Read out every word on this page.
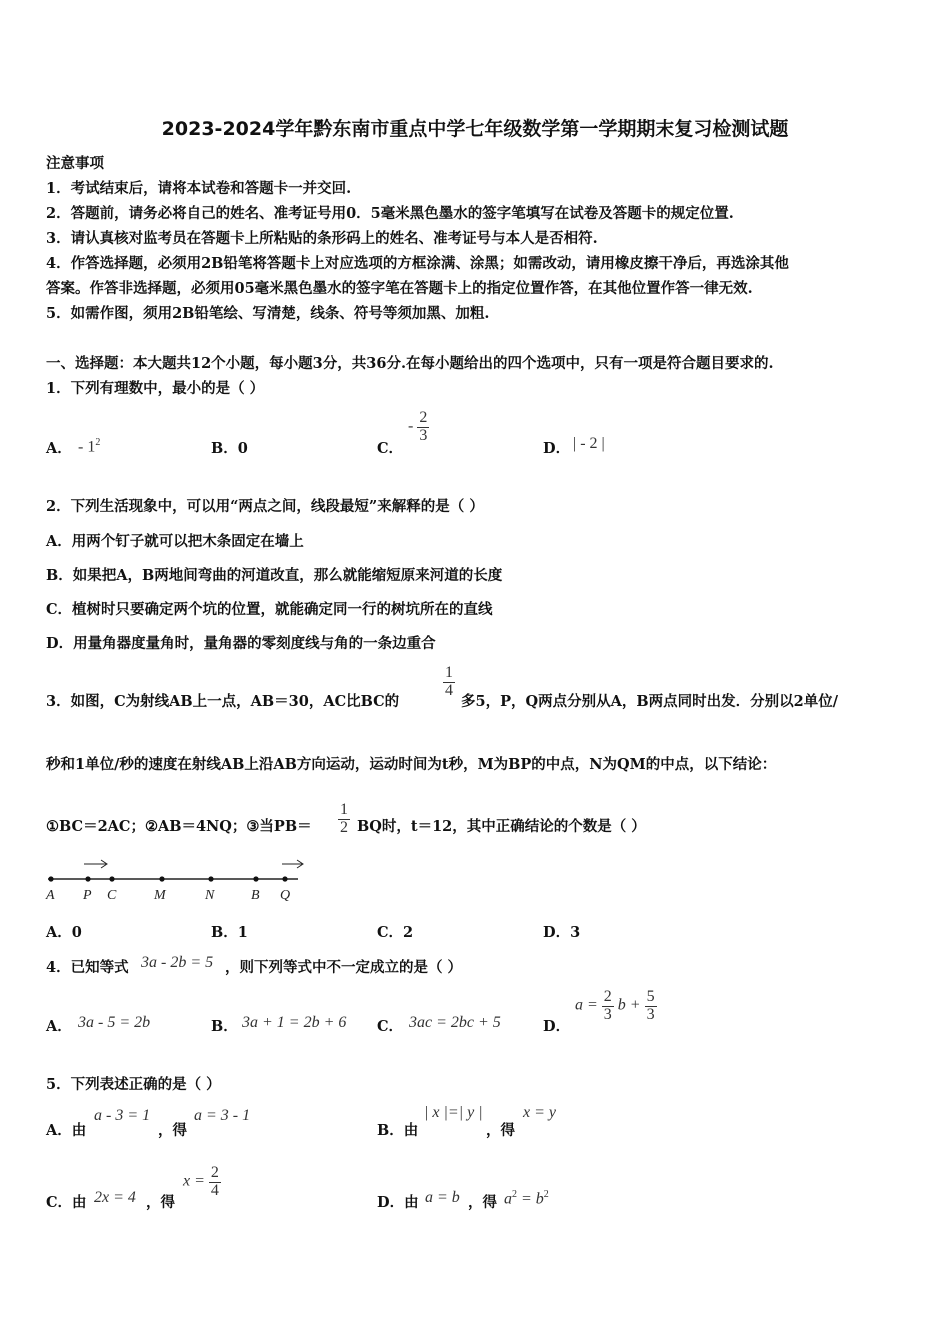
2023-2024学年黔东南市重点中学七年级数学第一学期期末复习检测试题
注意事项
1．考试结束后，请将本试卷和答题卡一并交回.
2．答题前，请务必将自己的姓名、准考证号用0．5毫米黑色墨水的签字笔填写在试卷及答题卡的规定位置.
3．请认真核对监考员在答题卡上所粘贴的条形码上的姓名、准考证号与本人是否相符.
4．作答选择题，必须用2B铅笔将答题卡上对应选项的方框涂满、涂黑；如需改动，请用橡皮擦干净后，再选涂其他
答案。作答非选择题，必须用05毫米黑色墨水的签字笔在答题卡上的指定位置作答，在其他位置作答一律无效.
5．如需作图，须用2B铅笔绘、写清楚，线条、符号等须加黑、加粗.
一、选择题：本大题共12个小题，每小题3分，共36分.在每小题给出的四个选项中，只有一项是符合题目要求的.
1．下列有理数中，最小的是（ ）
A． - $1^2$	B．0	C．
- $\frac{2}{3}$
D． | - 2 |
2．下列生活现象中，可以用“两点之间，线段最短”来解释的是（ ）
A．用两个钉子就可以把木条固定在墙上
B．如果把A，B两地间弯曲的河道改直，那么就能缩短原来河道的长度
C．植树时只要确定两个坑的位置，就能确定同一行的树坑所在的直线
D．用量角器度量角时，量角器的零刻度线与角的一条边重合
3．如图，C为射线AB上一点，AB＝30，AC比BC的
$\frac{1}{4}$
多5，P，Q两点分别从A，B两点同时出发．分别以2单位/
秒和1单位/秒的速度在射线AB上沿AB方向运动，运动时间为t秒，M为BP的中点，N为QM的中点，以下结论：
①BC＝2AC；②AB＝4NQ；③当$PB= \frac{1}{2}$ BQ时，t＝12，其中正确结论的个数是（ ）
A P C	M	N	B Q
A．0	B．1	C．2	D．3
4．已知等式 3a - 2b = 5 ，则下列等式中不一定成立的是（ ）
A． 3a - 5 = 2b	B． 3a + 1 = 2b + 6 C． 3ac = 2bc + 5	D．
$a = \frac{2}{3}$ $b + \frac{5}{3}$
5．下列表述正确的是（ ）
A．由
a - 3 = 1
，得
a = 3 - 1
B．由
| x |=| y |
，得
x = y
C．由 2x = 4 ，得
$x = \frac{2}{4}$
D．由 a = b ，得 $a^2 = b^2$
